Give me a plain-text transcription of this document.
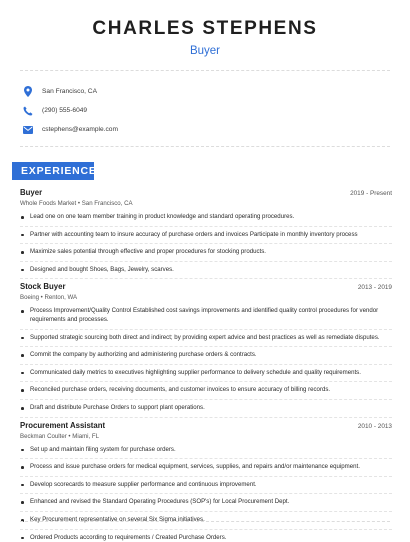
CHARLES STEPHENS
Buyer
San Francisco, CA
(290) 555-6049
cstephens@example.com
EXPERIENCE
Buyer	2019 - Present
Whole Foods Market • San Francisco, CA
Lead one on one team member training in product knowledge and standard operating procedures.
Partner with accounting team to insure accuracy of purchase orders and invoices Participate in monthly inventory process
Maximize sales potential through effective and proper procedures for stocking products.
Designed and bought Shoes, Bags, Jewelry, scarves.
Stock Buyer	2013 - 2019
Boeing • Renton, WA
Process Improvement/Quality Control Established cost savings improvements and identified quality control procedures for vendor requirements and processes.
Supported strategic sourcing both direct and indirect; by providing expert advice and best practices as well as remediate disputes.
Commit the company by authorizing and administering purchase orders & contracts.
Communicated daily metrics to executives highlighting supplier performance to delivery schedule and quality requirements.
Reconciled purchase orders, receiving documents, and customer invoices to ensure accuracy of billing records.
Draft and distribute Purchase Orders to support plant operations.
Procurement Assistant	2010 - 2013
Beckman Coulter • Miami, FL
Set up and maintain filing system for purchase orders.
Process and issue purchase orders for medical equipment, services, supplies, and repairs and/or maintenance equipment.
Develop scorecards to measure supplier performance and continuous improvement.
Enhanced and revised the Standard Operating Procedures (SOP's) for Local Procurement Dept.
Key Procurement representative on several Six Sigma initiatives.
Ordered Products according to requirements / Created Purchase Orders.
